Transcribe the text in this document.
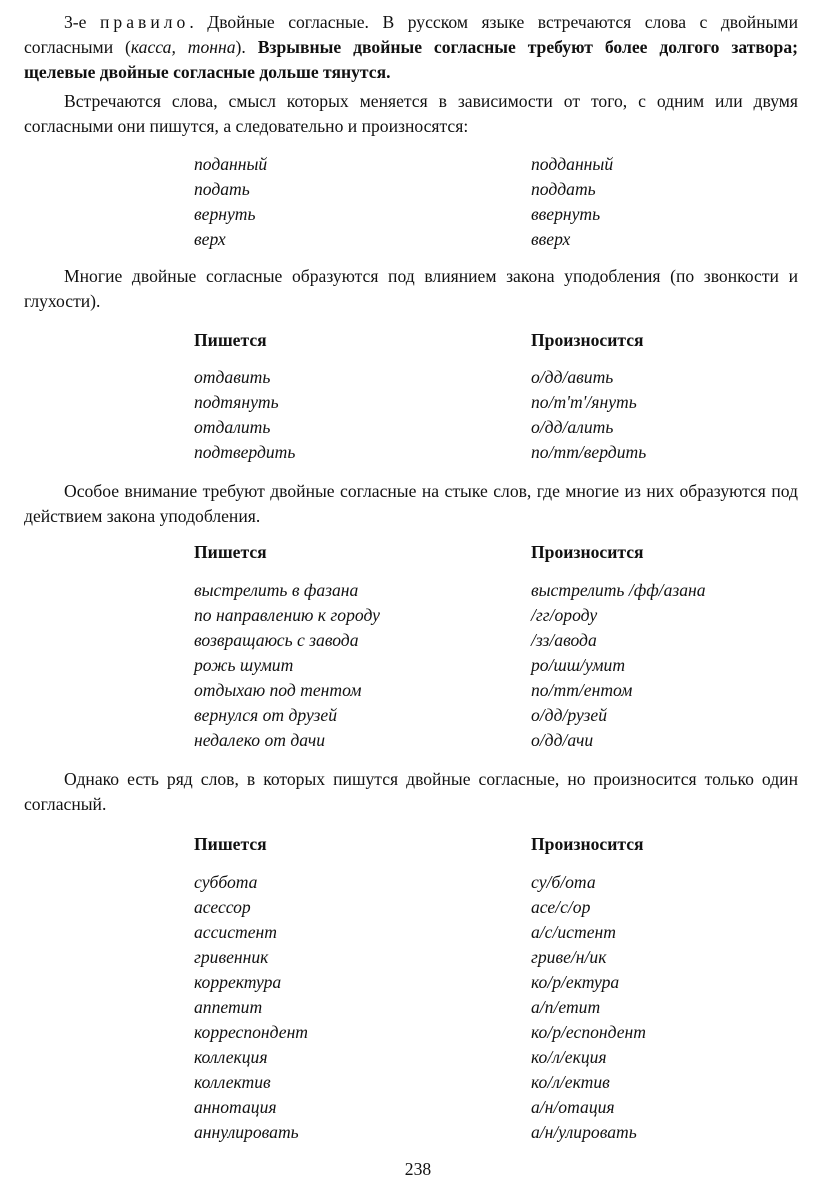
3-е правило. Двойные согласные. В русском языке встречаются слова с двойными согласными (касса, тонна). Взрывные двойные согласные требуют более долгого затвора; щелевые двойные согласные дольше тянутся.

Встречаются слова, смысл которых меняется в зависимости от того, с одним или двумя согласными они пишутся, а следовательно и произносятся:

поданный	подданный
подать	поддать
вернуть	ввернуть
верх	вверх

Многие двойные согласные образуются под влиянием закона уподобления (по звонкости и глухости).

Пишется	Произносится
отдавить	о/дд/авить
подтянуть	по/т'т'/януть
отдалить	о/дд/алить
подтвердить	по/тт/вердить

Особое внимание требуют двойные согласные на стыке слов, где многие из них образуются под действием закона уподобления.

Пишется	Произносится
выстрелить в фазана	выстрелить /фф/азана
по направлению к городу	/гг/ороду
возвращаюсь с завода	/зз/авода
рожь шумит	ро/шш/умит
отдыхаю под тентом	по/тт/ентом
вернулся от друзей	о/дд/рузей
недалеко от дачи	о/дд/ачи

Однако есть ряд слов, в которых пишутся двойные согласные, но произносится только один согласный.

Пишется	Произносится
суббота	су/б/ота
асессор	асе/с/ор
ассистент	а/с/истент
гривенник	гриве/н/ик
корректура	ко/р/ектура
аппетит	а/п/етит
корреспондент	ко/р/еспондент
коллекция	ко/л/екция
коллектив	ко/л/ектив
аннотация	а/н/отация
аннулировать	а/н/улировать
238
